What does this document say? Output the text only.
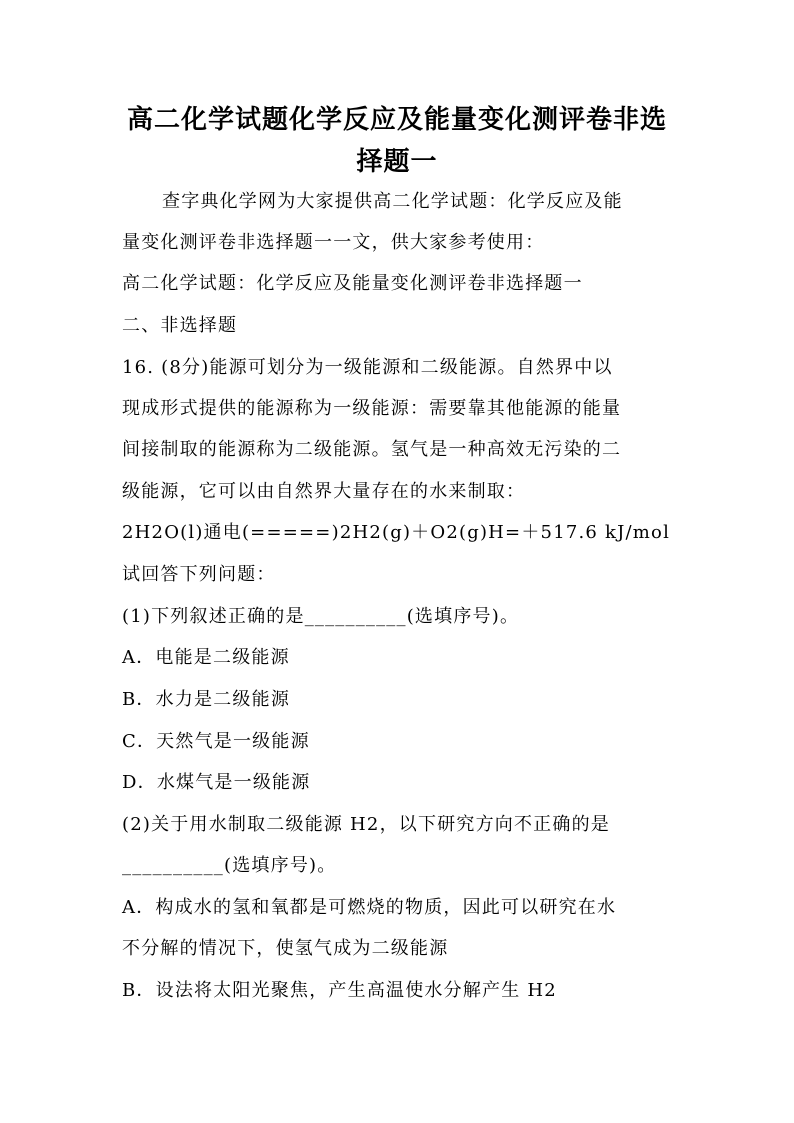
高二化学试题化学反应及能量变化测评卷非选
择题一
查字典化学网为大家提供高二化学试题：化学反应及能
量变化测评卷非选择题一一文，供大家参考使用：
高二化学试题：化学反应及能量变化测评卷非选择题一
二、非选择题
16. (8分)能源可划分为一级能源和二级能源。自然界中以
现成形式提供的能源称为一级能源：需要靠其他能源的能量
间接制取的能源称为二级能源。氢气是一种高效无污染的二
级能源，它可以由自然界大量存在的水来制取：
2H2O(l)通电(=====)2H2(g)＋O2(g)H=＋517.6 kJ/mol
试回答下列问题：
(1)下列叙述正确的是__________(选填序号)。
A．电能是二级能源
B．水力是二级能源
C．天然气是一级能源
D．水煤气是一级能源
(2)关于用水制取二级能源 H2，以下研究方向不正确的是
__________(选填序号)。
A．构成水的氢和氧都是可燃烧的物质，因此可以研究在水
不分解的情况下，使氢气成为二级能源
B．设法将太阳光聚焦，产生高温使水分解产生 H2
